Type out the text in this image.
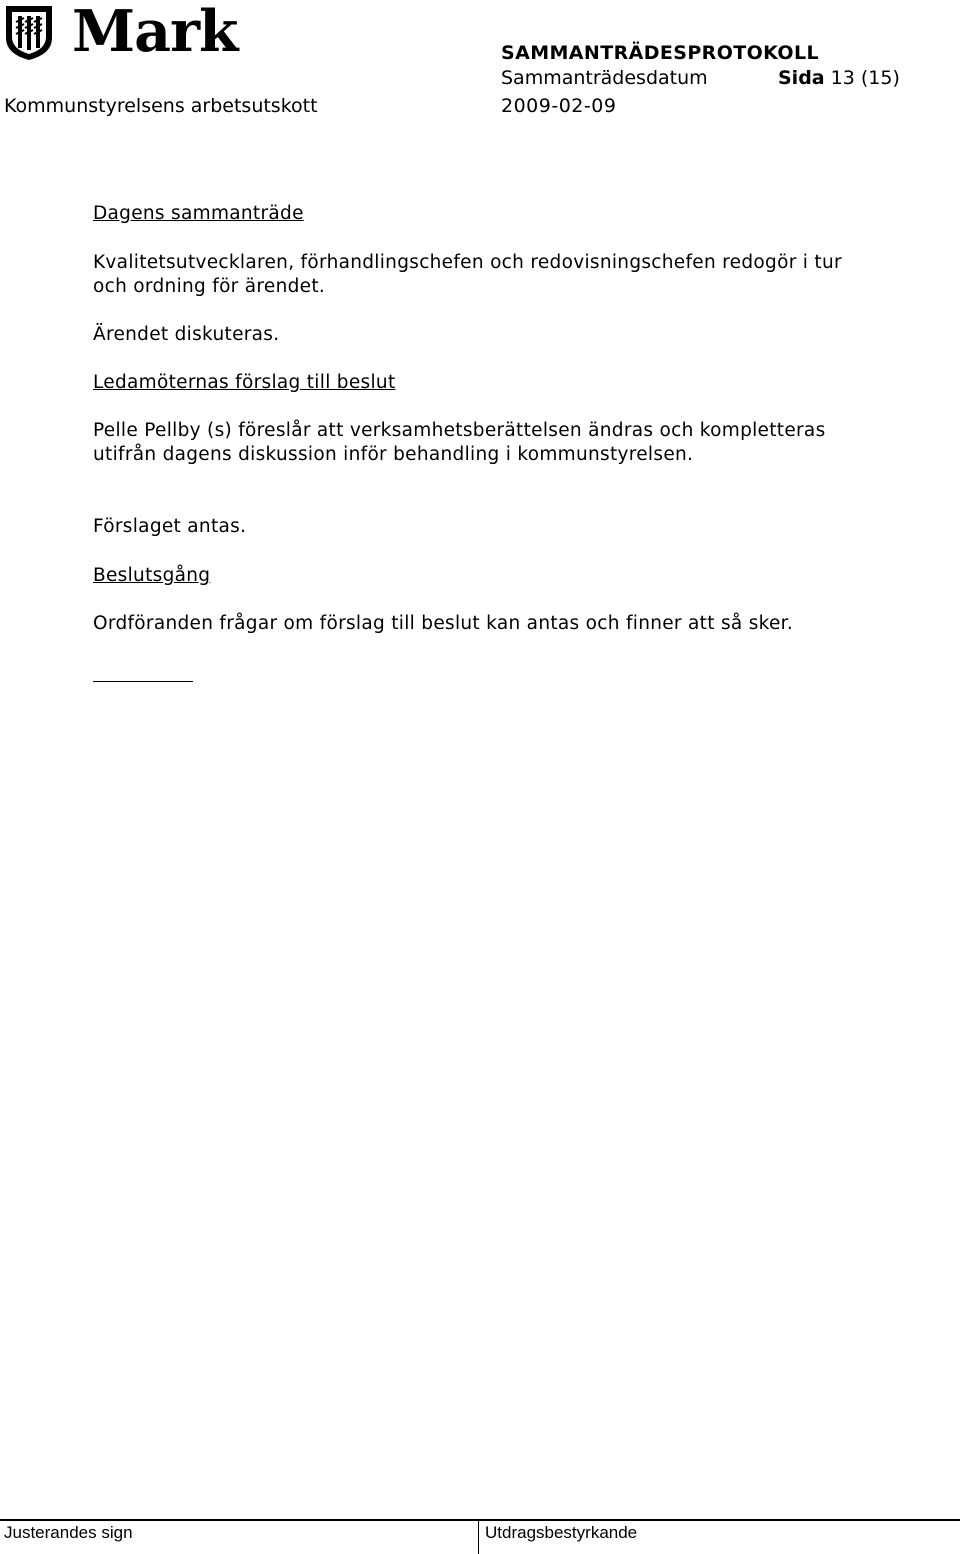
Mark	SAMMANTRÄDESPROTOKOLL
Sammanträdesdatum	Sida 13 (15)
Kommunstyrelsens arbetsutskott	2009-02-09
Dagens sammanträde

Kvalitetsutvecklaren, förhandlingschefen och redovisningschefen redogör i tur och ordning för ärendet.

Ärendet diskuteras.

Ledamöternas förslag till beslut

Pelle Pellby (s) föreslår att verksamhetsberättelsen ändras och kompletteras utifrån dagens diskussion inför behandling i kommunstyrelsen.

Förslaget antas.

Beslutsgång

Ordföranden frågar om förslag till beslut kan antas och finner att så sker.

Justerandes sign	Utdragsbestyrkande
